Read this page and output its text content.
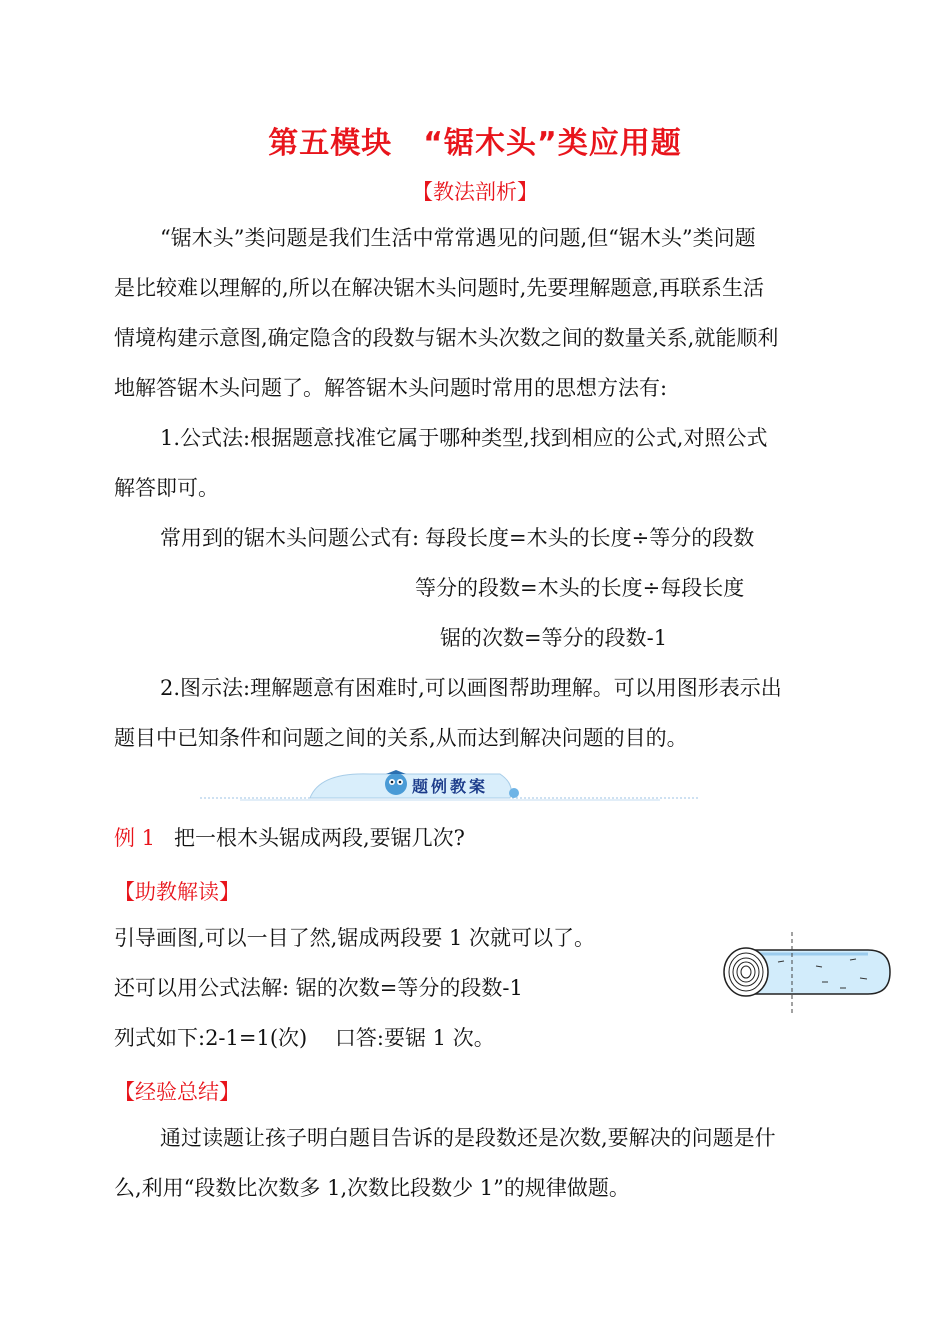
第五模块　“锯木头”类应用题
【教法剖析】
“锯木头”类问题是我们生活中常常遇见的问题,但“锯木头”类问题
是比较难以理解的,所以在解决锯木头问题时,先要理解题意,再联系生活
情境构建示意图,确定隐含的段数与锯木头次数之间的数量关系,就能顺利
地解答锯木头问题了。解答锯木头问题时常用的思想方法有:
1.公式法:根据题意找准它属于哪种类型,找到相应的公式,对照公式
解答即可。
常用到的锯木头问题公式有: 每段长度=木头的长度÷等分的段数
等分的段数=木头的长度÷每段长度
锯的次数=等分的段数-1
2.图示法:理解题意有困难时,可以画图帮助理解。可以用图形表示出
题目中已知条件和问题之间的关系,从而达到解决问题的目的。
题例教案
例 1 把一根木头锯成两段,要锯几次?
【助教解读】
引导画图,可以一目了然,锯成两段要 1 次就可以了。
还可以用公式法解: 锯的次数=等分的段数-1
列式如下:2-1=1(次)　 口答:要锯 1 次。
【经验总结】
通过读题让孩子明白题目告诉的是段数还是次数,要解决的问题是什
么,利用“段数比次数多 1,次数比段数少 1”的规律做题。
